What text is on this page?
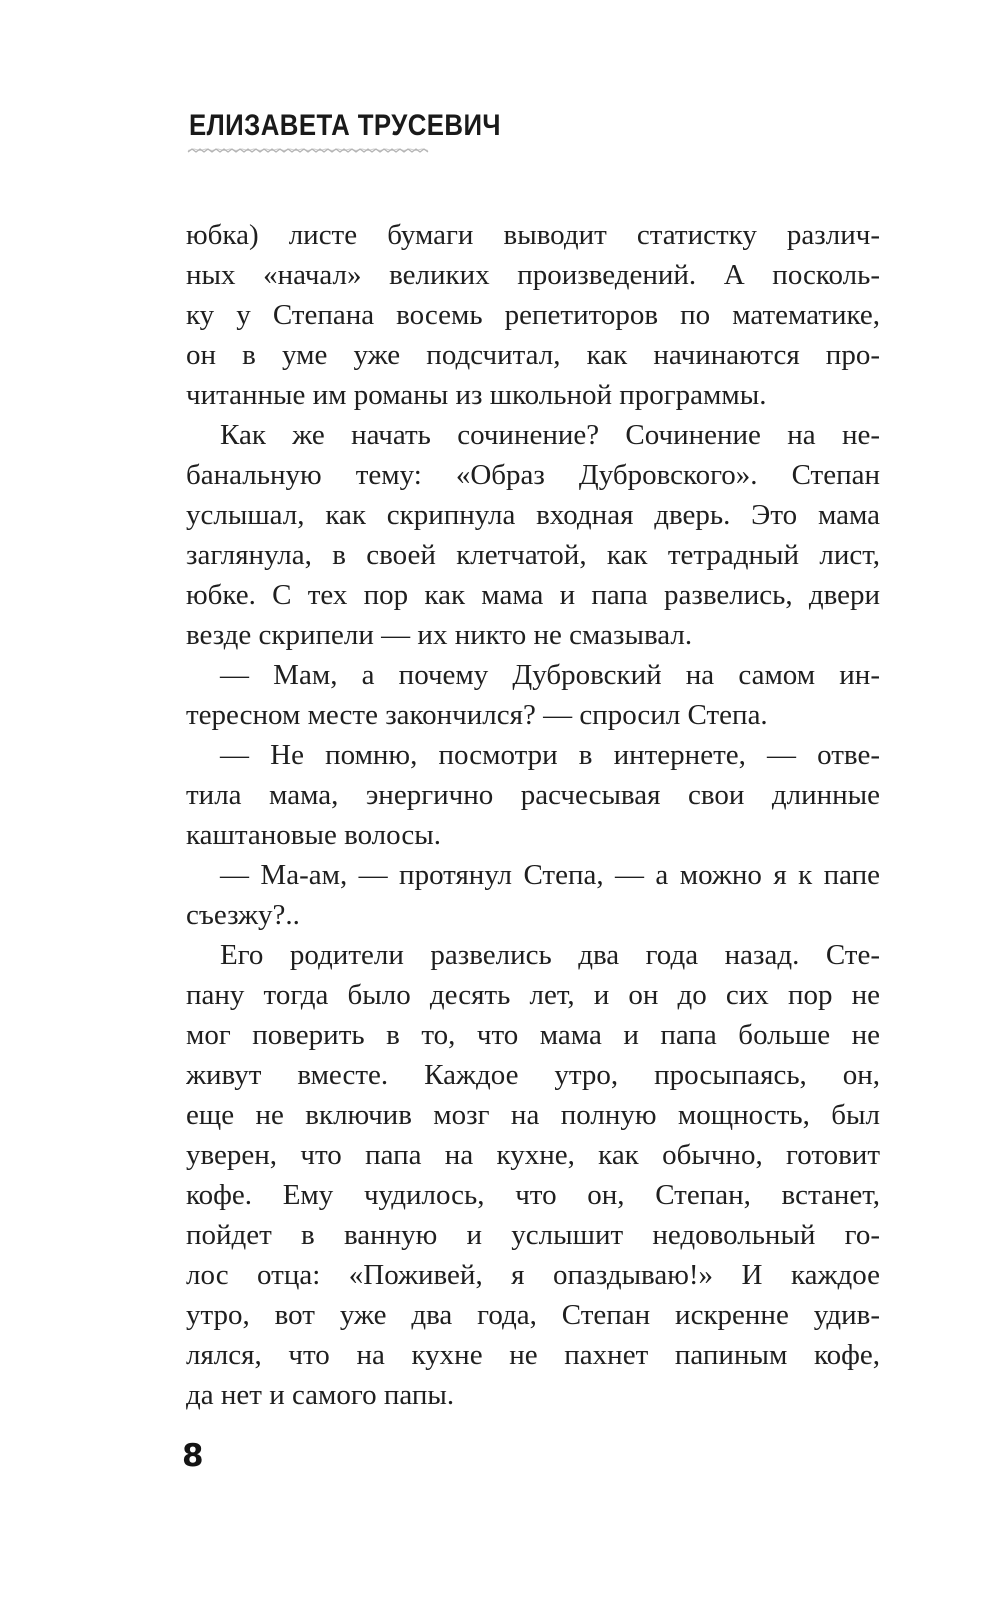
ЕЛИЗАВЕТА ТРУСЕВИЧ

юбка) листе бумаги выводит статистку различ-
ных «начал» великих произведений. А посколь-
ку у Степана восемь репетиторов по математике,
он в уме уже подсчитал, как начинаются про-
читанные им романы из школьной программы.

Как же начать сочинение? Сочинение на не-
банальную тему: «Образ Дубровского». Степан
услышал, как скрипнула входная дверь. Это мама
заглянула, в своей клетчатой, как тетрадный лист,
юбке. С тех пор как мама и папа развелись, двери
везде скрипели — их никто не смазывал.

— Мам, а почему Дубровский на самом ин-
тересном месте закончился? — спросил Степа.

— Не помню, посмотри в интернете, — отве-
тила мама, энергично расчесывая свои длинные
каштановые волосы.

— Ма-ам, — протянул Степа, — а можно я к папе
съезжу?..

Его родители развелись два года назад. Сте-
пану тогда было десять лет, и он до сих пор не
мог поверить в то, что мама и папа больше не
живут вместе. Каждое утро, просыпаясь, он,
еще не включив мозг на полную мощность, был
уверен, что папа на кухне, как обычно, готовит
кофе. Ему чудилось, что он, Степан, встанет,
пойдет в ванную и услышит недовольный го-
лос отца: «Поживей, я опаздываю!» И каждое
утро, вот уже два года, Степан искренне удив-
лялся, что на кухне не пахнет папиным кофе,
да нет и самого папы.

8
